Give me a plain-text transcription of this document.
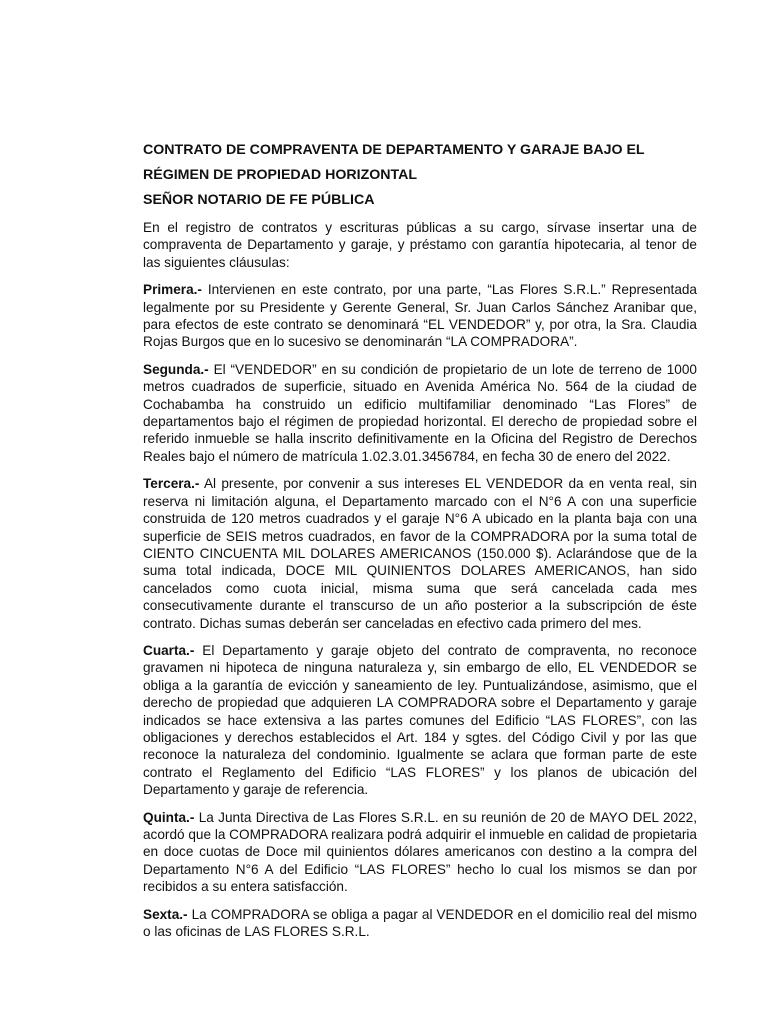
CONTRATO DE COMPRAVENTA DE DEPARTAMENTO Y GARAJE BAJO EL

RÉGIMEN DE PROPIEDAD HORIZONTAL

SEÑOR NOTARIO DE FE PÚBLICA

En el registro de contratos y escrituras públicas a su cargo, sírvase insertar una de compraventa de Departamento y garaje, y préstamo con garantía hipotecaria, al tenor de las siguientes cláusulas:

Primera.- Intervienen en este contrato, por una parte, “Las Flores S.R.L.” Representada legalmente por su Presidente y Gerente General, Sr. Juan Carlos Sánchez Aranibar que, para efectos de este contrato se denominará “EL VENDEDOR” y, por otra, la Sra. Claudia Rojas Burgos que en lo sucesivo se denominarán “LA COMPRADORA”.

Segunda.- El “VENDEDOR” en su condición de propietario de un lote de terreno de 1000 metros cuadrados de superficie, situado en Avenida América No. 564 de la ciudad de Cochabamba ha construido un edificio multifamiliar denominado “Las Flores” de departamentos bajo el régimen de propiedad horizontal. El derecho de propiedad sobre el referido inmueble se halla inscrito definitivamente en la Oficina del Registro de Derechos Reales bajo el número de matrícula 1.02.3.01.3456784, en fecha 30 de enero del 2022.

Tercera.- Al presente, por convenir a sus intereses EL VENDEDOR da en venta real, sin reserva ni limitación alguna, el Departamento marcado con el N°6 A con una superficie construida de 120 metros cuadrados y el garaje N°6 A ubicado en la planta baja con una superficie de SEIS metros cuadrados, en favor de la COMPRADORA por la suma total de CIENTO CINCUENTA MIL DOLARES AMERICANOS (150.000 $). Aclarándose que de la suma total indicada, DOCE MIL QUINIENTOS DOLARES AMERICANOS, han sido cancelados como cuota inicial, misma suma que será cancelada cada mes consecutivamente durante el transcurso de un año posterior a la subscripción de éste contrato. Dichas sumas deberán ser canceladas en efectivo cada primero del mes.

Cuarta.- El Departamento y garaje objeto del contrato de compraventa, no reconoce gravamen ni hipoteca de ninguna naturaleza y, sin embargo de ello, EL VENDEDOR se obliga a la garantía de evicción y saneamiento de ley. Puntualizándose, asimismo, que el derecho de propiedad que adquieren LA COMPRADORA sobre el Departamento y garaje indicados se hace extensiva a las partes comunes del Edificio “LAS FLORES”, con las obligaciones y derechos establecidos el Art. 184 y sgtes. del Código Civil y por las que reconoce la naturaleza del condominio. Igualmente se aclara que forman parte de este contrato el Reglamento del Edificio “LAS FLORES” y los planos de ubicación del Departamento y garaje de referencia.

Quinta.- La Junta Directiva de Las Flores S.R.L. en su reunión de 20 de MAYO DEL 2022, acordó que la COMPRADORA realizara podrá adquirir el inmueble en calidad de propietaria en doce cuotas de Doce mil quinientos dólares americanos con destino a la compra del Departamento N°6 A del Edificio “LAS FLORES” hecho lo cual los mismos se dan por recibidos a su entera satisfacción.

Sexta.- La COMPRADORA se obliga a pagar al VENDEDOR en el domicilio real del mismo o las oficinas de LAS FLORES S.R.L.
